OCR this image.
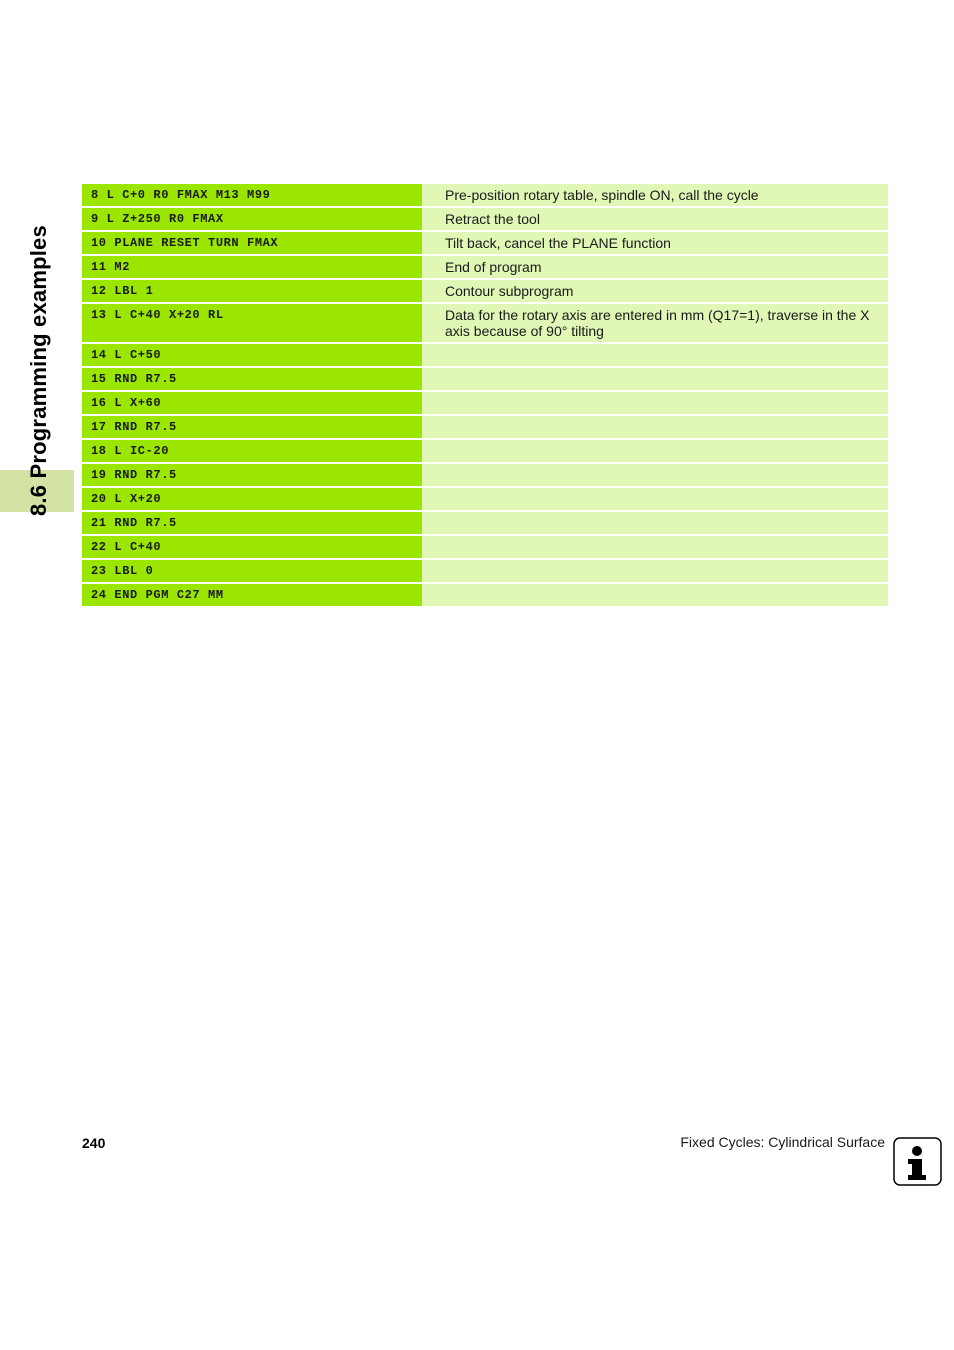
8.6 Programming examples
8 L C+0 R0 FMAX M13 M99	Pre-position rotary table, spindle ON, call the cycle
9 L Z+250 R0 FMAX	Retract the tool
10 PLANE RESET TURN FMAX	Tilt back, cancel the PLANE function
11 M2	End of program
12 LBL 1	Contour subprogram
13 L C+40 X+20 RL	Data for the rotary axis are entered in mm (Q17=1), traverse in the X axis because of 90° tilting
14 L C+50
15 RND R7.5
16 L X+60
17 RND R7.5
18 L IC-20
19 RND R7.5
20 L X+20
21 RND R7.5
22 L C+40
23 LBL 0
24 END PGM C27 MM
240	Fixed Cycles: Cylindrical Surface
